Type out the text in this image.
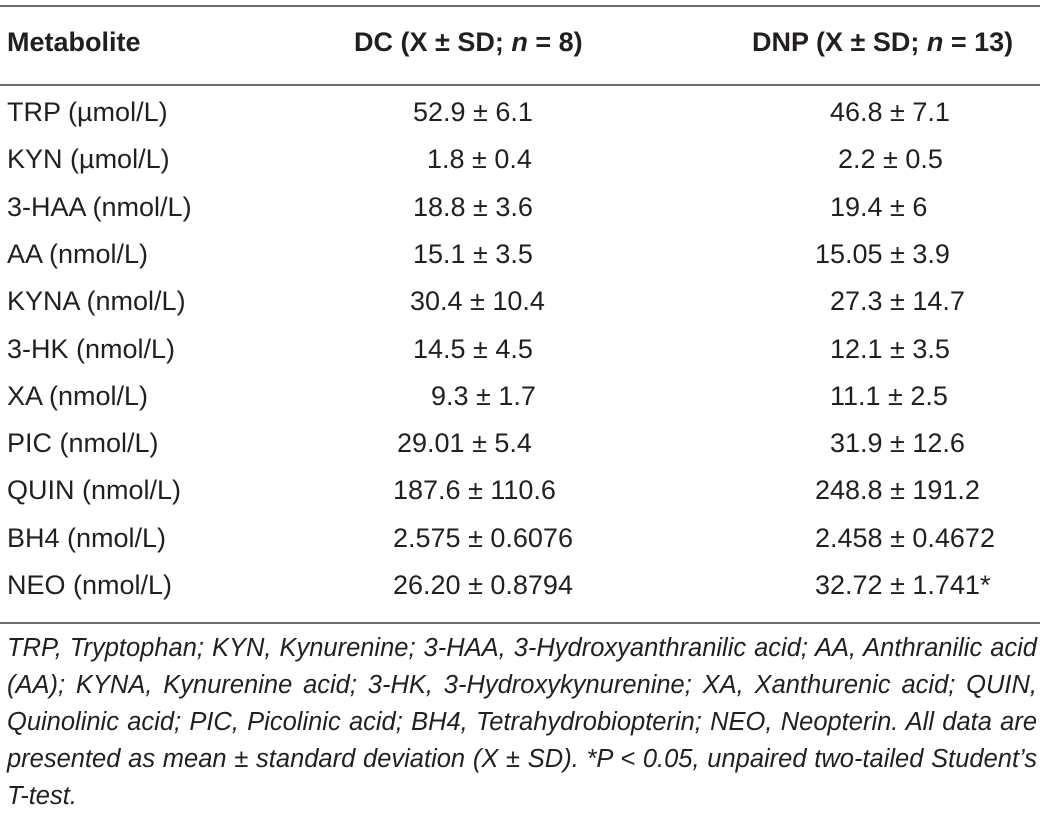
Metabolite	DC (X ± SD; n = 8)	DNP (X ± SD; n = 13)
TRP (µmol/L)	52.9 ± 6.1	46.8 ± 7.1
KYN (µmol/L)	1.8 ± 0.4	2.2 ± 0.5
3-HAA (nmol/L)	18.8 ± 3.6	19.4 ± 6
AA (nmol/L)	15.1 ± 3.5	15.05 ± 3.9
KYNA (nmol/L)	30.4 ± 10.4	27.3 ± 14.7
3-HK (nmol/L)	14.5 ± 4.5	12.1 ± 3.5
XA (nmol/L)	9.3 ± 1.7	11.1 ± 2.5
PIC (nmol/L)	29.01 ± 5.4	31.9 ± 12.6
QUIN (nmol/L)	187.6 ± 110.6	248.8 ± 191.2
BH4 (nmol/L)	2.575 ± 0.6076	2.458 ± 0.4672
NEO (nmol/L)	26.20 ± 0.8794	32.72 ± 1.741*
TRP, Tryptophan; KYN, Kynurenine; 3-HAA, 3-Hydroxyanthranilic acid; AA, Anthranilic acid (AA); KYNA, Kynurenine acid; 3-HK, 3-Hydroxykynurenine; XA, Xanthurenic acid; QUIN, Quinolinic acid; PIC, Picolinic acid; BH4, Tetrahydrobiopterin; NEO, Neopterin. All data are presented as mean ± standard deviation (X ± SD). *P < 0.05, unpaired two-tailed Student’s T-test.
